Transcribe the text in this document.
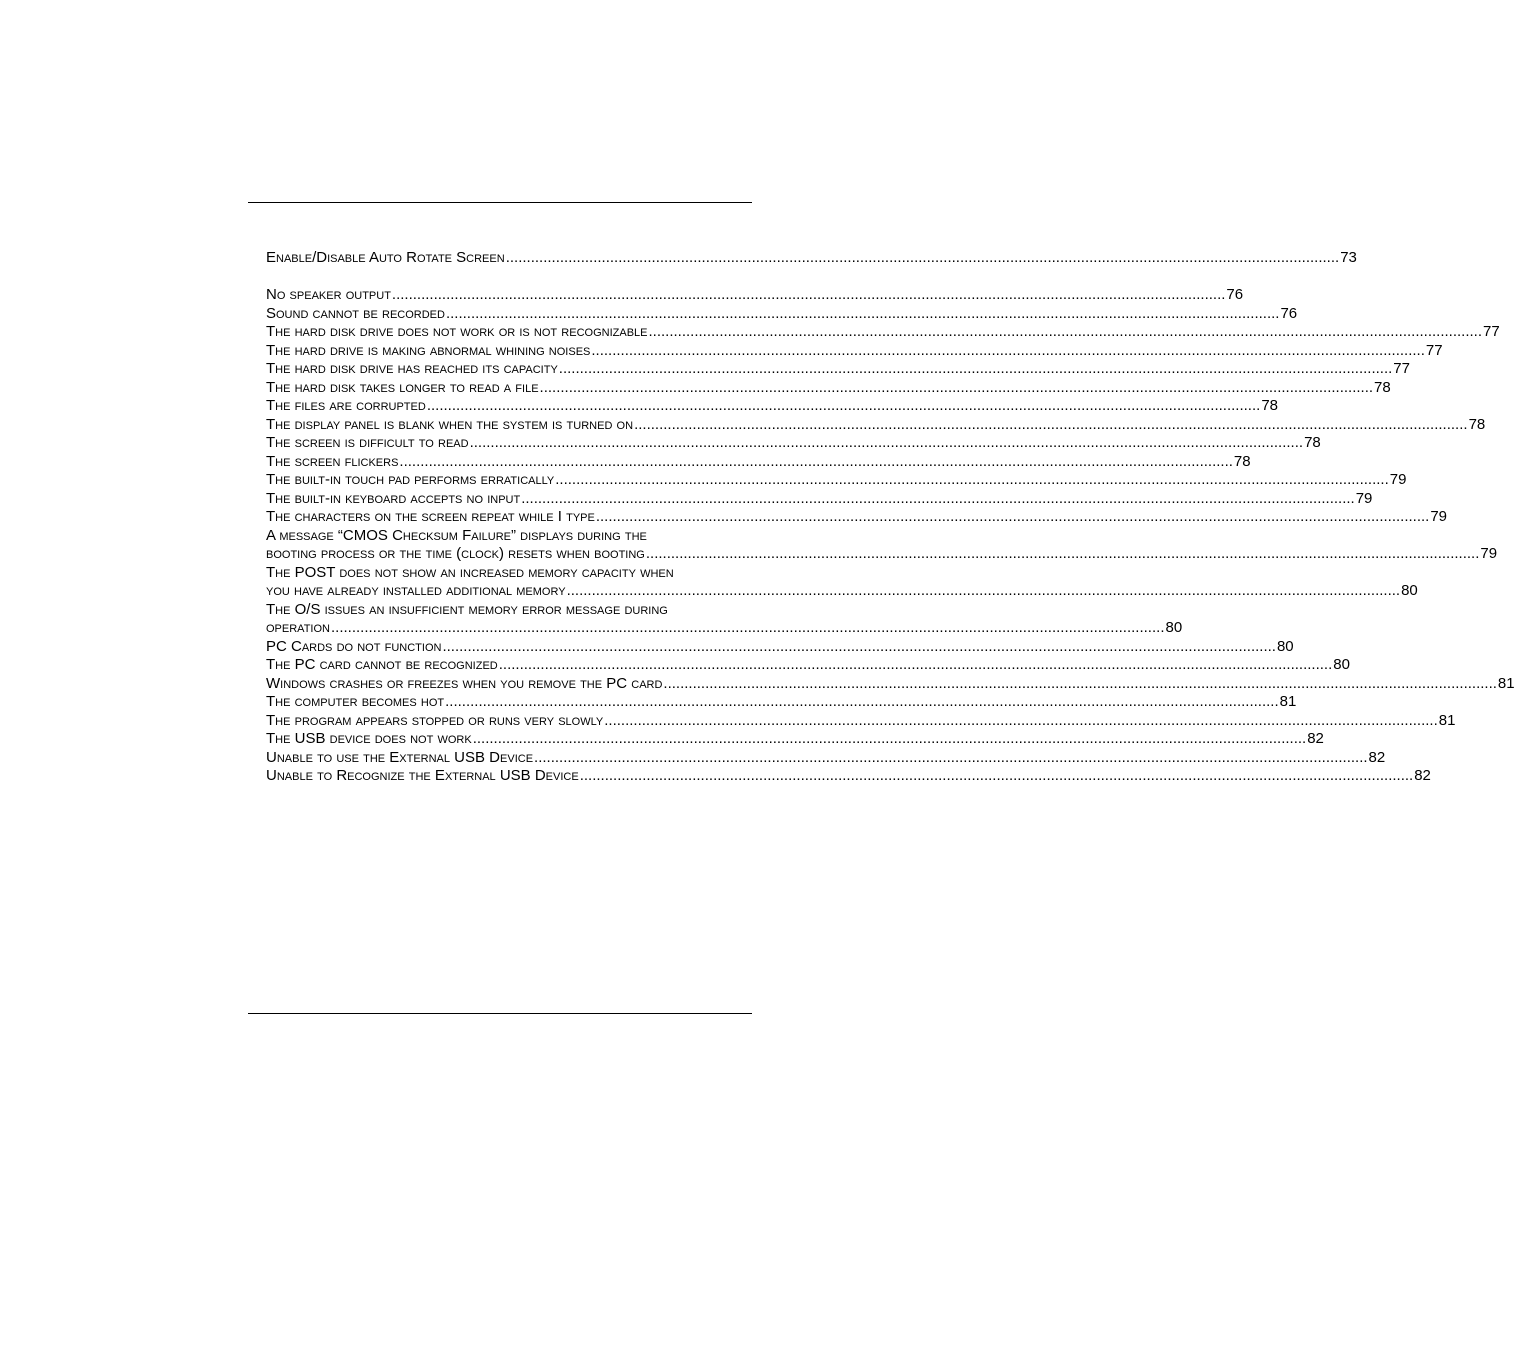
Enable/Disable Auto Rotate Screen .....	73
No speaker output .....	76
Sound cannot be recorded .....	76
The hard disk drive does not work or is not recognizable .....	77
The hard drive is making abnormal whining noises .....	77
The hard disk drive has reached its capacity .....	77
The hard disk takes longer to read a file .....	78
The files are corrupted .....	78
The display panel is blank when the system is turned on .....	78
The screen is difficult to read .....	78
The screen flickers .....	78
The built-in touch pad performs erratically .....	79
The built-in keyboard accepts no input .....	79
The characters on the screen repeat while I type .....	79
A message “CMOS Checksum Failure” displays during the
booting process or the time (clock) resets when booting .....	79
The POST does not show an increased memory capacity when
you have already installed additional memory .....	80
The O/S issues an insufficient memory error message during
operation .....	80
PC Cards do not function .....	80
The PC card cannot be recognized .....	80
Windows crashes or freezes when you remove the PC card .....	81
The computer becomes hot .....	81
The program appears stopped or runs very slowly .....	81
The USB device does not work .....	82
Unable to use the External USB Device .....	82
Unable to Recognize the External USB Device .....	82
